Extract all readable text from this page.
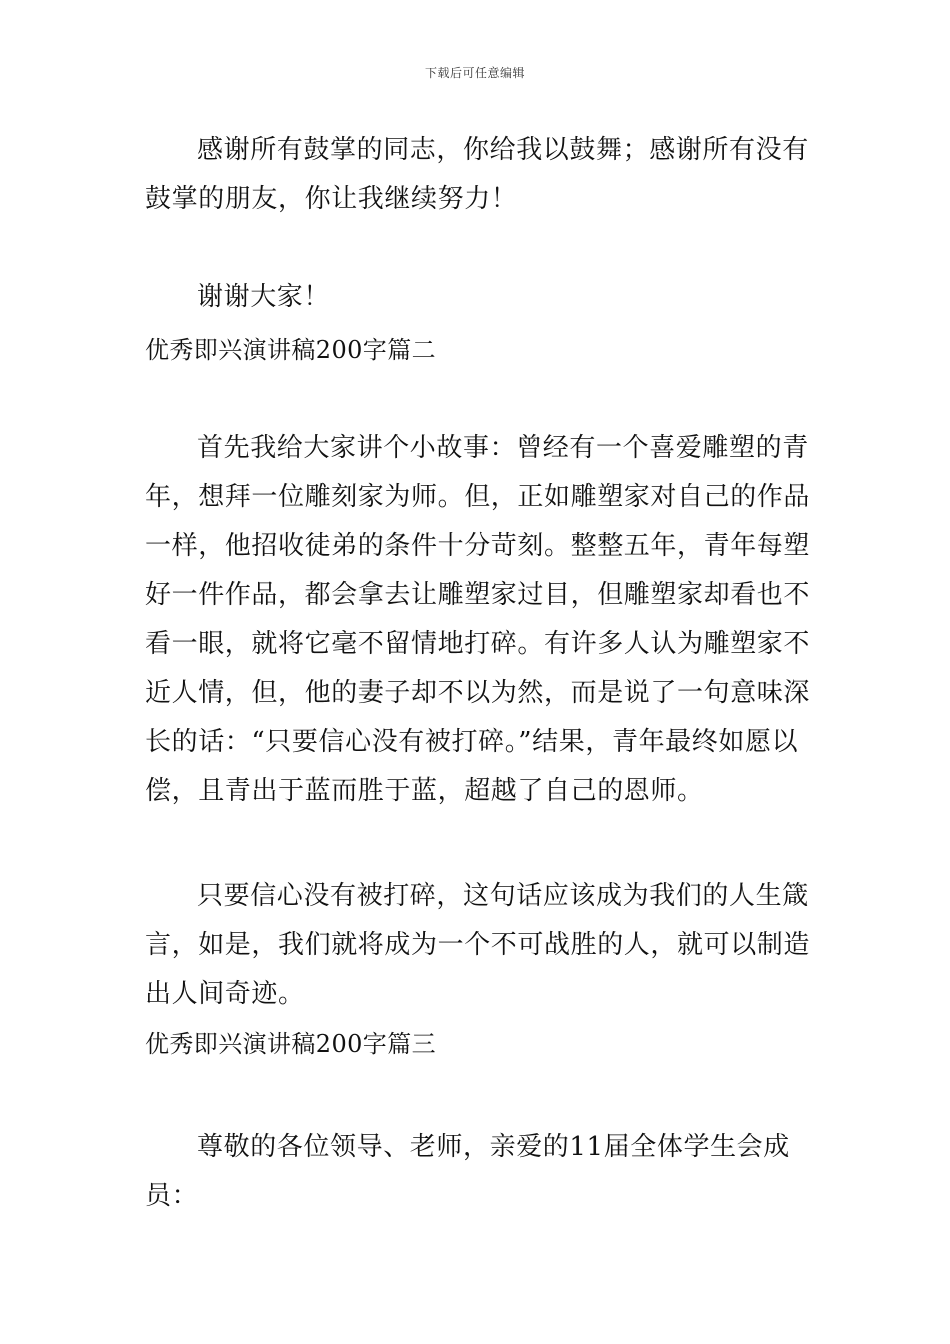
下载后可任意编辑

感谢所有鼓掌的同志，你给我以鼓舞；感谢所有没有鼓掌的朋友，你让我继续努力！

谢谢大家！

优秀即兴演讲稿200字篇二

首先我给大家讲个小故事：曾经有一个喜爱雕塑的青年，想拜一位雕刻家为师。但，正如雕塑家对自己的作品一样，他招收徒弟的条件十分苛刻。整整五年，青年每塑好一件作品，都会拿去让雕塑家过目，但雕塑家却看也不看一眼，就将它毫不留情地打碎。有许多人认为雕塑家不近人情，但，他的妻子却不以为然，而是说了一句意味深长的话：“只要信心没有被打碎。”结果，青年最终如愿以偿，且青出于蓝而胜于蓝，超越了自己的恩师。

只要信心没有被打碎，这句话应该成为我们的人生箴言，如是，我们就将成为一个不可战胜的人，就可以制造出人间奇迹。

优秀即兴演讲稿200字篇三

尊敬的各位领导、老师，亲爱的11届全体学生会成员：
